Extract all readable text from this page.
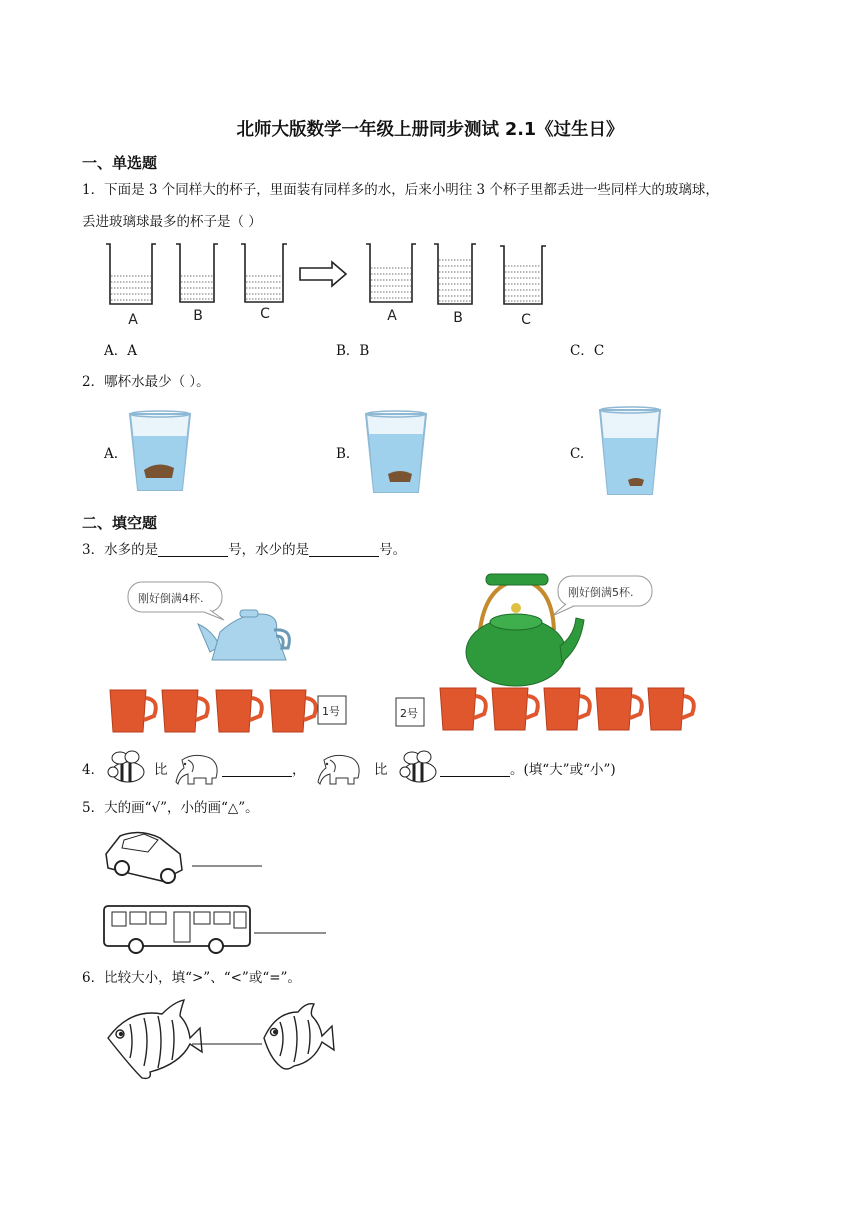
北师大版数学一年级上册同步测试 2.1《过生日》
一、单选题
1．下面是 3 个同样大的杯子，里面装有同样多的水，后来小明往 3 个杯子里都丢进一些同样大的玻璃球，
丢进玻璃球最多的杯子是（ ）
A	B	C	A	B	C
A．A	B．B	C．C
2．哪杯水最少（ ）。
A.	B.	C.
二、填空题
3．水多的是	号，水少的是	号。
刚好倒满4杯.	刚好倒满5杯.
1号	2号
4．	比	，	比	。(填“大”或“小”)
5．大的画“√”，小的画“△”。
6．比较大小，填“>”、“<”或“=”。
